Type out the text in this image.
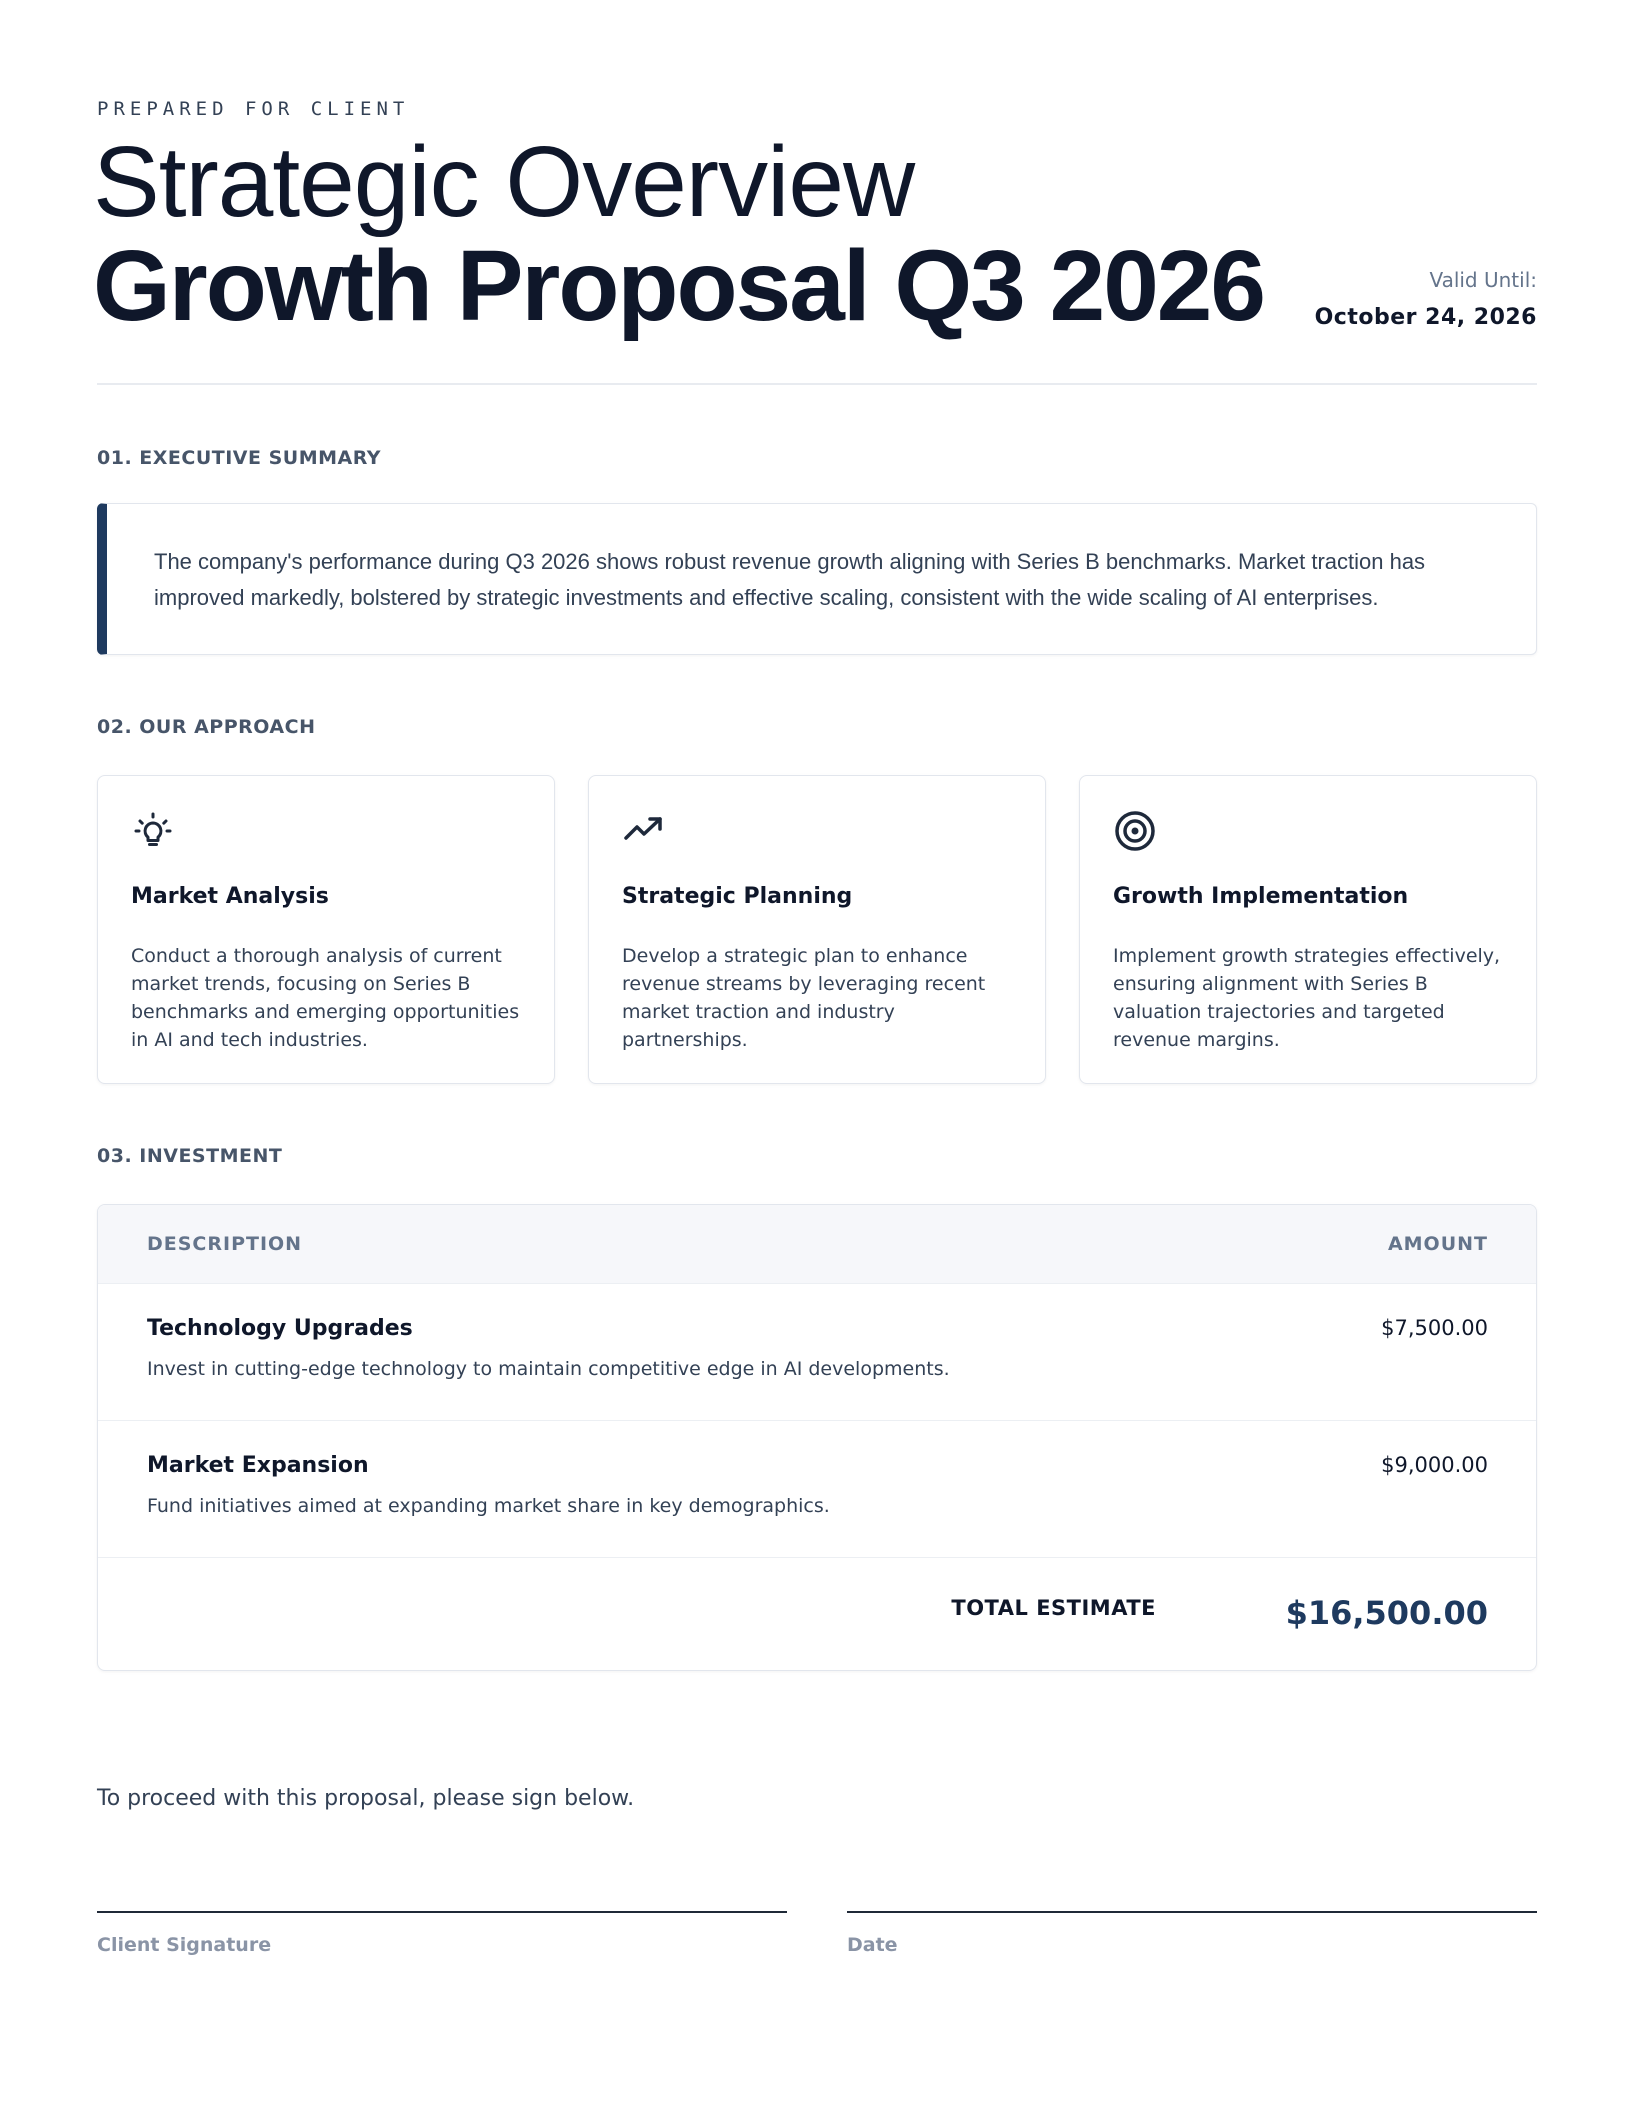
PREPARED FOR CLIENT
Strategic Overview
Growth Proposal Q3 2026	Valid Until:
October 24, 2026
01. EXECUTIVE SUMMARY

The company's performance during Q3 2026 shows robust revenue growth aligning with Series B benchmarks. Market traction has improved markedly, bolstered by strategic investments and effective scaling, consistent with the wide scaling of AI enterprises.

02. OUR APPROACH
Market Analysis

Conduct a thorough analysis of current market trends, focusing on Series B benchmarks and emerging opportunities in AI and tech industries.

Strategic Planning

Develop a strategic plan to enhance revenue streams by leveraging recent market traction and industry partnerships.

Growth Implementation

Implement growth strategies effectively, ensuring alignment with Series B valuation trajectories and targeted revenue margins.

03. INVESTMENT
DESCRIPTION	AMOUNT
Technology Upgrades
Invest in cutting-edge technology to maintain competitive edge in AI developments.
$7,500.00
Market Expansion
Fund initiatives aimed at expanding market share in key demographics.
$9,000.00
TOTAL ESTIMATE	$16,500.00
To proceed with this proposal, please sign below.
Client Signature	Date
